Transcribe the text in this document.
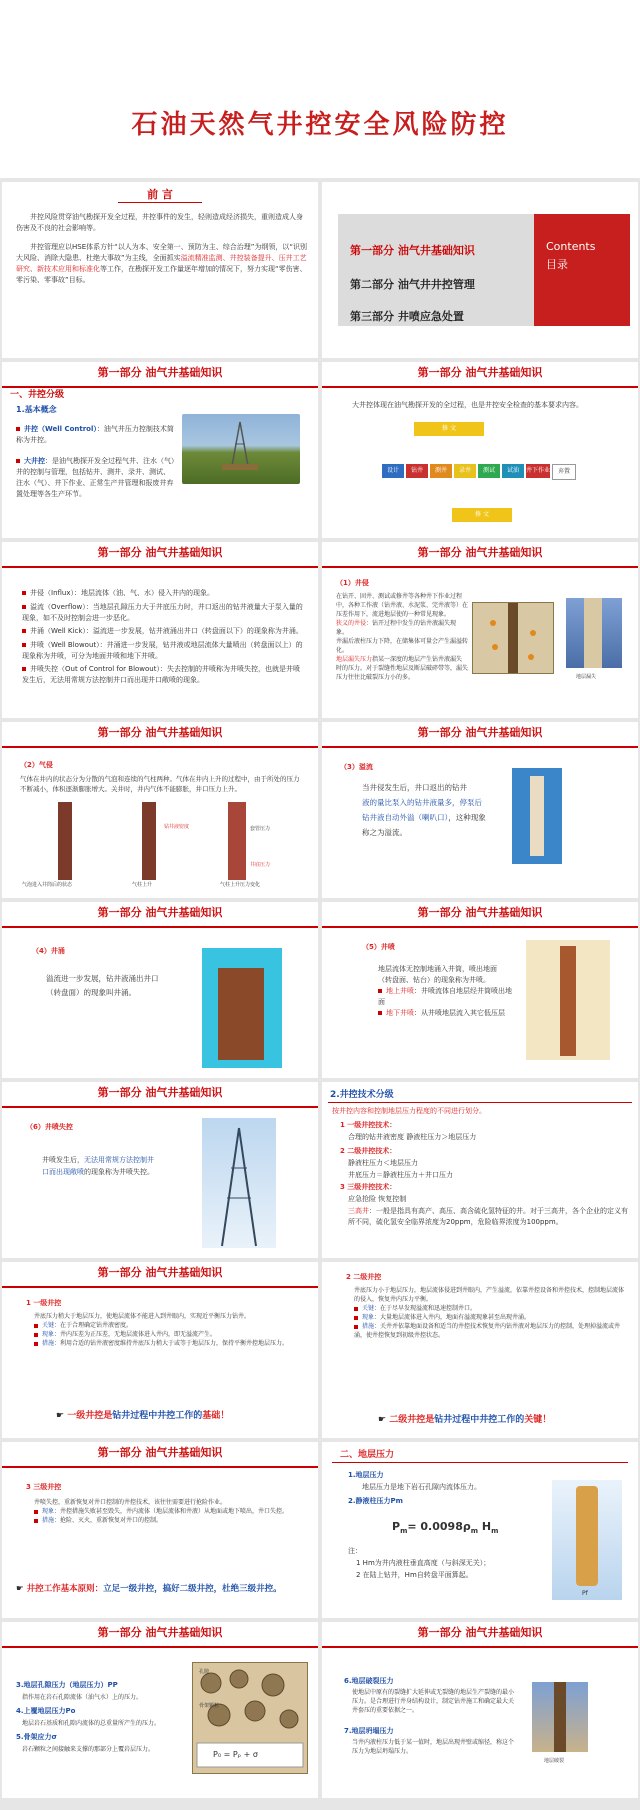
石油天然气井控安全风险防控
前 言
井控风险贯穿油气勘探开发全过程，井控事件的发生，轻则造成经济损失，重则造成人身伤害及不良的社会影响等。
井控管理应以HSE体系方针“以人为本、安全第一、预防为主、综合治理”为纲领，以“识别大风险、消除大隐患、杜绝大事故”为主线，全面抓实溢流精准监测、井控装备提升、压井工艺研究、新技术应用和标准化等工作，在勘探开发工作量逐年增加的情况下，努力实现“零伤害、零污染、零事故”目标。
Contents
目录
第一部分 油气井基础知识
第二部分 油气井井控管理
第三部分 井喷应急处置
第一部分 油气井基础知识
一、井控分级
1.基本概念
井控（Well Control）：油气井压力控制技术简称为井控。
大井控：是油气勘探开发全过程气井、注水（气）井的控制与管理，包括钻井、测井、录井、测试、注水（气）、井下作业、正常生产井管理和报废井弃置处理等各生产环节。
第一部分 油气井基础知识
大井控体现在油气勘探开发的全过程，也是井控安全检查的基本要求内容。
修 文
设计	钻井	测井	录井	测试	试油	井下作业	弃置
修 文
第一部分 油气井基础知识
井侵（Influx）：地层流体（油、气、水）侵入井内的现象。
溢流（Overflow）：当地层孔隙压力大于井底压力时，井口返出的钻井液量大于泵入量的现象，如不及时控制会进一步恶化。
井涌（Well Kick）：溢流进一步发展，钻井液涌出井口（转盘面以下）的现象称为井涌。
井喷（Well Blowout）：井涌进一步发展，钻井液或地层流体大量喷出（转盘面以上）的现象称为井喷，可分为地面井喷和地下井喷。
井喷失控（Out of Control for Blowout）：失去控制的井喷称为井喷失控，也就是井喷发生后，无法用常规方法控制井口而出现井口敞喷的现象。
第一部分 油气井基础知识
（1）井侵
在钻开、固井、测试或修井等各种井下作业过程中，各种工作液（钻井液、水泥浆、完井液等）在压差作用下，流进地层使的一种常见现象。
狭义的井侵：钻开过程中发生的钻井液漏失现象。
井漏后液柱压力下降，在储集体可量会产生漏溢转化。
地层漏失压力指某一深度的地层产生钻井液漏失时的压力。对于裂缝性地层及断层破碎带等，漏失压力往往比破裂压力小的多。	地层漏失
第一部分 油气井基础知识
（2）气侵
气体在井内的状态分为分散的气泡和连续的气柱两种。气体在井内上升的过程中，由于所处的压力不断减小，体积逐渐膨胀增大。关井时，井内气体不能膨胀，井口压力上升。
钻井液密度	套管压力
井底压力
气泡进入井筒后的状态	气柱上升	气柱上升压力变化
第一部分 油气井基础知识
（3）溢流
当井侵发生后，井口返出的钻井
液的量比泵入的钻井液量多，停泵后
钻井液自动外溢（喇叭口），这种现象
称之为溢流。
第一部分 油气井基础知识
（4）井涌
溢流进一步发展，钻井液涌出井口
（转盘面）的现象叫井涌。
第一部分 油气井基础知识
（5）井喷
地层流体无控制地涌入井筒，喷出地面
（转盘面、钻台）的现象称为井喷。
地上井喷：井喷流体自地层经井筒喷出地面
地下井喷：从井喷地层流入其它低压层
第一部分 油气井基础知识
（6）井喷失控
井喷发生后，无法用常规方法控制井
口而出现敞喷的现象称为井喷失控。
2.井控技术分级
按井控内容和控制地层压力程度的不同进行划分。
1 一级井控技术：
合理的钻井液密度 静液柱压力＞地层压力
2 二级井控技术：
静液柱压力＜地层压力
井底压力＝静液柱压力＋井口压力
3 三级井控技术：
应急抢险 恢复控制
三高井：一般是指具有高产、高压、高含硫化氢特征的井。对于三高井，各个企业的定义有所不同，硫化氢安全临界浓度为20ppm，危险临界浓度为100ppm。
第一部分 油气井基础知识
1 一级井控
井底压力稍大于地层压力，使地层流体不能进入到井眼内，实现近平衡压力钻井。
关键：在于合理确定钻井液密度。
现象：井内压差为正压差，无地层流体进入井内，即无溢流产生。
措施：利用合适的钻井液密度维持井底压力稍大于或等于地层压力，保持平衡井控地层压力。
☛ 一级井控是钻井过程中井控工作的基础！
2 二级井控
井底压力小于地层压力，地层流体侵进到井眼内，产生溢流，依靠井控设备和井控技术，控制地层流体的侵入，恢复井内压力平衡。
关键：在于尽早发现溢流和迅速控制井口。
现象：大量地层流体进入井内，地面有溢流现象甚至出现井涌。
措施：关井并依靠地面设备和适当的井控技术恢复井内钻井液对地层压力的控制，处理掉溢流或井涌，使井控恢复到初级井控状态。
☛ 二级井控是钻井过程中井控工作的关键！
第一部分 油气井基础知识
3 三级井控
井喷失控，重新恢复对井口控制的井控技术，该往往需要进行抢险作业。
现象：井控措施失败甚至毁失，井内流体（地层流体和井液）从地面或地下喷出，井口失控。
措施：抢险、灭火，重新恢复对井口的控制。
☛ 井控工作基本原则：立足一级井控，搞好二级井控，杜绝三级井控。
二、地层压力
1.地层压力
地层压力是地下岩石孔隙内流体压力。
2.静液柱压力Pm
$P_m= 0.0098\rho_m$ $H_m$
注：
1 Hm为井内液柱垂直高度（与斜深无关）；
2 在陆上钻井，Hm自转盘平面算起。
Pf
第一部分 油气井基础知识
3.地层孔隙压力（地层压力）PP
指作用在岩石孔隙流体（油气水）上的压力。
4.上覆地层压力Po
地层岩石基质和孔隙内流体的总重量所产生的压力。
5.骨架应力σ
岩石颗粒之间接触来支撑的那部分上覆岩层压力。
孔隙
骨架颗粒
P₀ = Pₚ + σ
第一部分 油气井基础知识
6.地层破裂压力
使地层中原有的裂缝扩大延伸或无裂缝的地层生产裂缝的最小压力。是合理进行井身结构设计，制定钻井施工和确定最大关井套压的重要依据之一。
7.地层坍塌压力
当井内液柱压力低于某一值时，地层出现井壁或缩径，称这个压力为地层坍塌压力。
地层破裂
